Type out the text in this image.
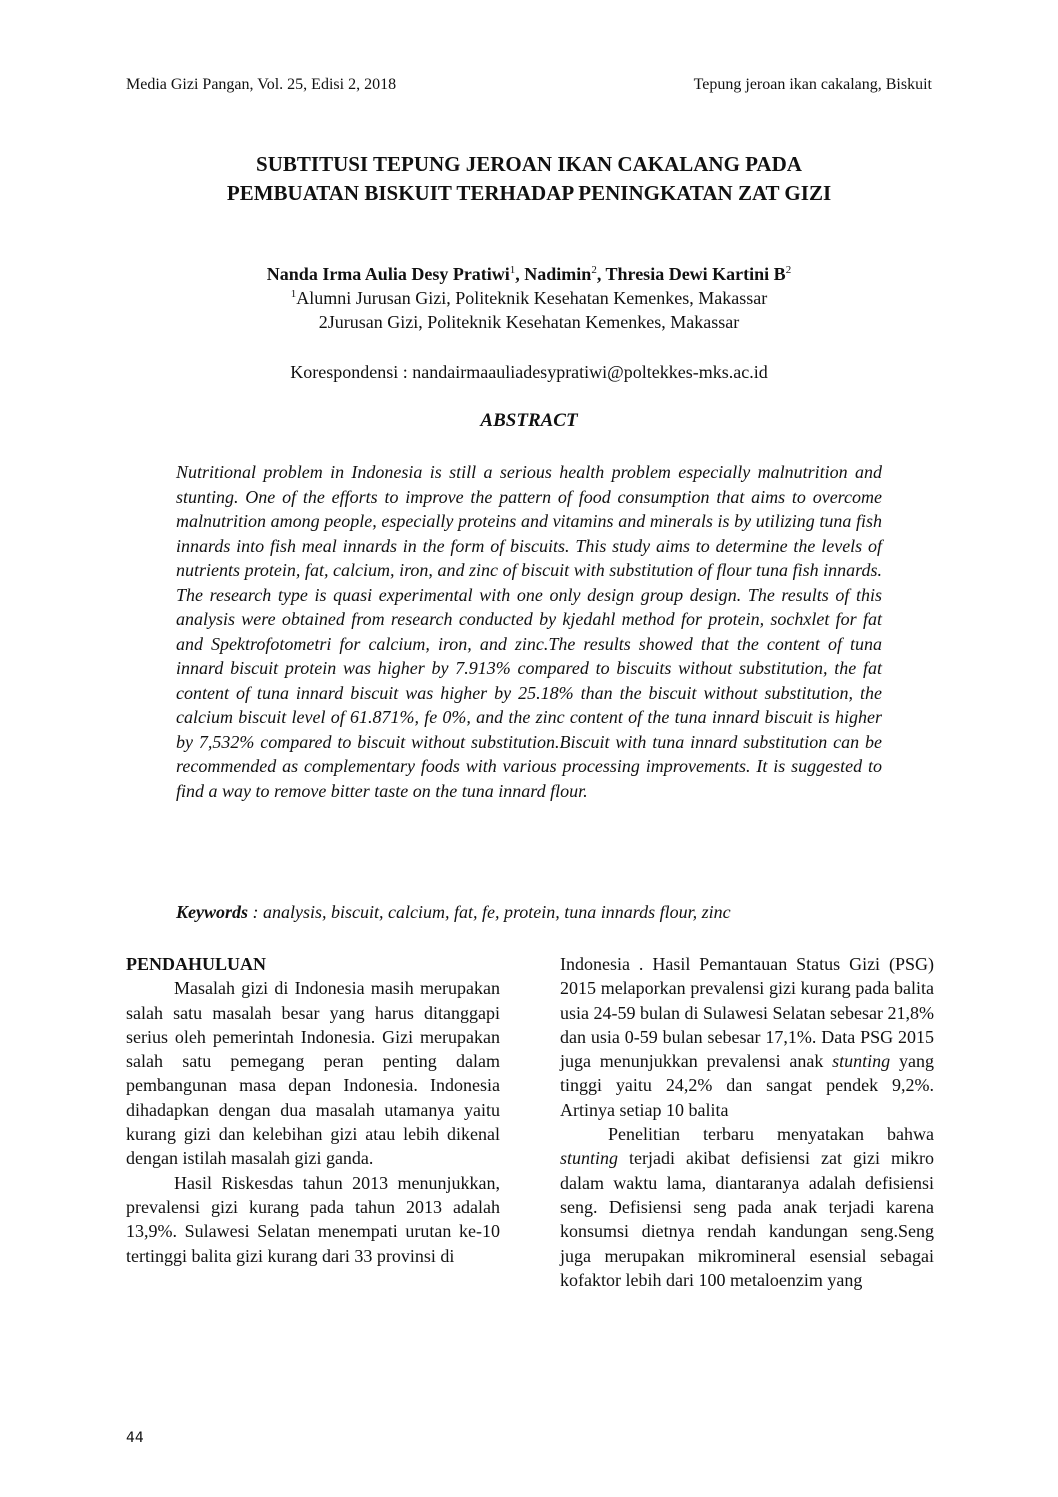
Media Gizi Pangan, Vol. 25, Edisi 2, 2018	Tepung jeroan ikan cakalang, Biskuit
SUBTITUSI TEPUNG JEROAN IKAN CAKALANG PADA
PEMBUATAN BISKUIT TERHADAP PENINGKATAN ZAT GIZI
Nanda Irma Aulia Desy Pratiwi$^1$, Nadimin$^2$, Thresia Dewi Kartini $B^2$
$^1$Alumni Jurusan Gizi, Politeknik Kesehatan Kemenkes, Makassar
2Jurusan Gizi, Politeknik Kesehatan Kemenkes, Makassar
Korespondensi : nandairmaauliadesypratiwi@poltekkes-mks.ac.id
ABSTRACT

Nutritional problem in Indonesia is still a serious health problem especially malnutrition and stunting. One of the efforts to improve the pattern of food consumption that aims to overcome malnutrition among people, especially proteins and vitamins and minerals is by utilizing tuna fish innards into fish meal innards in the form of biscuits. This study aims to determine the levels of nutrients protein, fat, calcium, iron, and zinc of biscuit with substitution of flour tuna fish innards. The research type is quasi experimental with one only design group design. The results of this analysis were obtained from research conducted by kjedahl method for protein, sochxlet for fat and Spektrofotometri for calcium, iron, and zinc.The results showed that the content of tuna innard biscuit protein was higher by 7.913% compared to biscuits without substitution, the fat content of tuna innard biscuit was higher by 25.18% than the biscuit without substitution, the calcium biscuit level of 61.871%, fe 0%, and the zinc content of the tuna innard biscuit is higher by 7,532% compared to biscuit without substitution.Biscuit with tuna innard substitution can be recommended as complementary foods with various processing improvements. It is suggested to find a way to remove bitter taste on the tuna innard flour.

Keywords : analysis, biscuit, calcium, fat, fe, protein, tuna innards flour, zinc

PENDAHULUAN

Masalah gizi di Indonesia masih merupakan salah satu masalah besar yang harus ditanggapi serius oleh pemerintah Indonesia. Gizi merupakan salah satu pemegang peran penting dalam pembangunan masa depan Indonesia. Indonesia dihadapkan dengan dua masalah utamanya yaitu kurang gizi dan kelebihan gizi atau lebih dikenal dengan istilah masalah gizi ganda.

Hasil Riskesdas tahun 2013 menunjukkan, prevalensi gizi kurang pada tahun 2013 adalah 13,9%. Sulawesi Selatan menempati urutan ke-10 tertinggi balita gizi kurang dari 33 provinsi di

Indonesia . Hasil Pemantauan Status Gizi (PSG) 2015 melaporkan prevalensi gizi kurang pada balita usia 24-59 bulan di Sulawesi Selatan sebesar 21,8% dan usia 0-59 bulan sebesar 17,1%. Data PSG 2015 juga menunjukkan prevalensi anak stunting yang tinggi yaitu 24,2% dan sangat pendek 9,2%. Artinya setiap 10 balita

Penelitian terbaru menyatakan bahwa stunting terjadi akibat defisiensi zat gizi mikro dalam waktu lama, diantaranya adalah defisiensi seng. Defisiensi seng pada anak terjadi karena konsumsi dietnya rendah kandungan seng.Seng juga merupakan mikromineral esensial sebagai kofaktor lebih dari 100 metaloenzim yang

44
